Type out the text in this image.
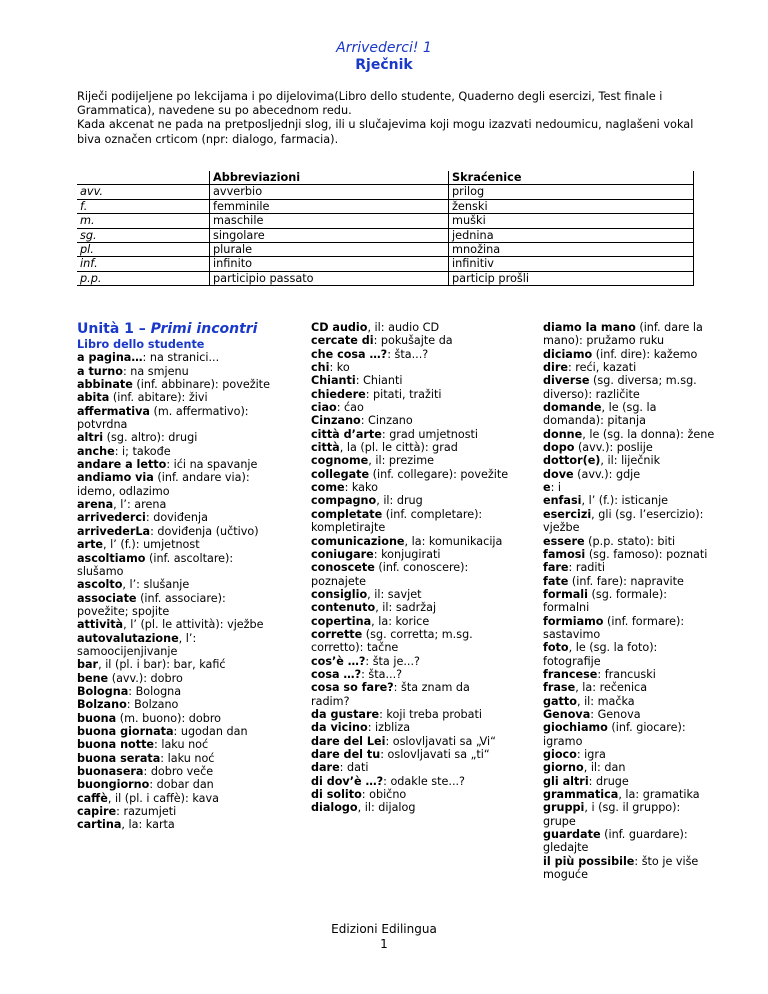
Arrivederci! 1
Rječnik

Riječi podijeljene po lekcijama i po dijelovima(Libro dello studente, Quaderno degli esercizi, Test finale i Grammatica), navedene su po abecednom redu.

Kada akcenat ne pada na pretposljednji slog, ili u slučajevima koji mogu izazvati nedoumicu, naglašeni vokal biva označen crticom (npr: dialogo, farmacia).

	Abbreviazioni	Skraćenice
avv.	avverbio	prilog
f.	femminile	ženski
m.	maschile	muški
sg.	singolare	jednina
pl.	plurale	množina
inf.	infinito	infinitiv
p.p.	participio passato	particip prošli
Unità 1 – Primi incontri
Libro dello studente
a pagina…: na stranici...
a turno: na smjenu
abbinate (inf. abbinare): povežite
abita (inf. abitare): živi
affermativa (m. affermativo): potvrdna
altri (sg. altro): drugi
anche: i; takođe
andare a letto: ići na spavanje
andiamo via (inf. andare via): idemo, odlazimo
arena, l’: arena
arrivederci: doviđenja
arrivederLa: doviđenja (učtivo)
arte, l’ (f.): umjetnost
ascoltiamo (inf. ascoltare): slušamo
ascolto, l’: slušanje
associate (inf. associare): povežite; spojite
attività, l’ (pl. le attività): vježbe
autovalutazione, l’: samoocijenjivanje
bar, il (pl. i bar): bar, kafić
bene (avv.): dobro
Bologna: Bologna
Bolzano: Bolzano
buona (m. buono): dobro
buona giornata: ugodan dan
buona notte: laku noć
buona serata: laku noć
buonasera: dobro veče
buongiorno: dobar dan
caffè, il (pl. i caffè): kava
capire: razumjeti
cartina, la: karta
CD audio, il: audio CD
cercate di: pokušajte da
che cosa …?: šta...?
chi: ko
Chianti: Chianti
chiedere: pitati, tražiti
ciao: ćao
Cinzano: Cinzano
città d’arte: grad umjetnosti
città, la (pl. le città): grad
cognome, il: prezime
collegate (inf. collegare): povežite
come: kako
compagno, il: drug
completate (inf. completare): kompletirajte
comunicazione, la: komunikacija
coniugare: konjugirati
conoscete (inf. conoscere): poznajete
consiglio, il: savjet
contenuto, il: sadržaj
copertina, la: korice
corrette (sg. corretta; m.sg. corretto): tačne
cos’è …?: šta je...?
cosa …?: šta...?
cosa so fare?: šta znam da radim?
da gustare: koji treba probati
da vicino: izbliza
dare del Lei: oslovljavati sa „Vi“
dare del tu: oslovljavati sa „ti“
dare: dati
di dov’è …?: odakle ste...?
di solito: obično
dialogo, il: dijalog
diamo la mano (inf. dare la mano): pružamo ruku
diciamo (inf. dire): kažemo
dire: reći, kazati
diverse (sg. diversa; m.sg. diverso): različite
domande, le (sg. la domanda): pitanja
donne, le (sg. la donna): žene
dopo (avv.): poslije
dottor(e), il: liječnik
dove (avv.): gdje
e: i
enfasi, l’ (f.): isticanje
esercizi, gli (sg. l’esercizio): vježbe
essere (p.p. stato): biti
famosi (sg. famoso): poznati
fare: raditi
fate (inf. fare): napravite
formali (sg. formale): formalni
formiamo (inf. formare): sastavimo
foto, le (sg. la foto): fotografije
francese: francuski
frase, la: rečenica
gatto, il: mačka
Genova: Genova
giochiamo (inf. giocare): igramo
gioco: igra
giorno, il: dan
gli altri: druge
grammatica, la: gramatika
gruppi, i (sg. il gruppo): grupe
guardate (inf. guardare): gledajte
il più possibile: što je više moguće
Edizioni Edilingua
1
